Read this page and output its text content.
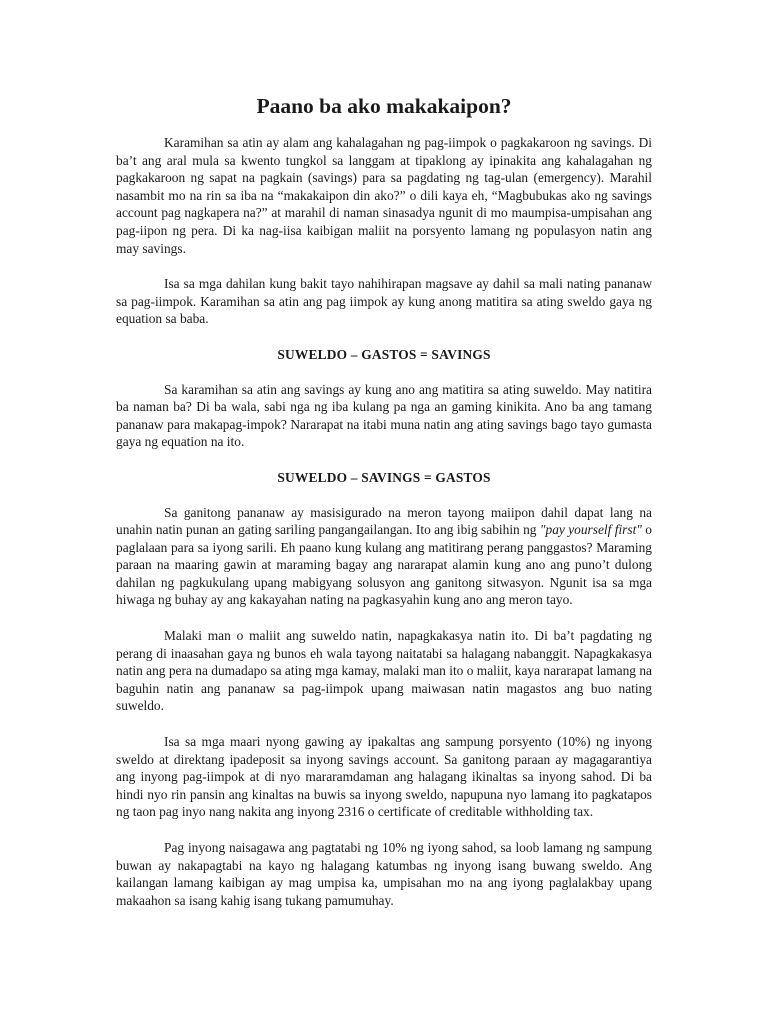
Paano ba ako makakaipon?

Karamihan sa atin ay alam ang kahalagahan ng pag-iimpok o pagkakaroon ng savings. Di ba’t ang aral mula sa kwento tungkol sa langgam at tipaklong ay ipinakita ang kahalagahan ng pagkakaroon ng sapat na pagkain (savings) para sa pagdating ng tag-ulan (emergency). Marahil nasambit mo na rin sa iba na “makakaipon din ako?” o dili kaya eh, “Magbubukas ako ng savings account pag nagkapera na?” at marahil di naman sinasadya ngunit di mo maumpisa-umpisahan ang pag-iipon ng pera. Di ka nag-iisa kaibigan maliit na porsyento lamang ng populasyon natin ang may savings.

Isa sa mga dahilan kung bakit tayo nahihirapan magsave ay dahil sa mali nating pananaw sa pag-iimpok. Karamihan sa atin ang pag iimpok ay kung anong matitira sa ating sweldo gaya ng equation sa baba.

SUWELDO – GASTOS = SAVINGS

Sa karamihan sa atin ang savings ay kung ano ang matitira sa ating suweldo. May natitira ba naman ba? Di ba wala, sabi nga ng iba kulang pa nga an gaming kinikita. Ano ba ang tamang pananaw para makapag-impok? Nararapat na itabi muna natin ang ating savings bago tayo gumasta gaya ng equation na ito.

SUWELDO – SAVINGS = GASTOS

Sa ganitong pananaw ay masisigurado na meron tayong maiipon dahil dapat lang na unahin natin punan an gating sariling pangangailangan. Ito ang ibig sabihin ng "pay yourself first" o paglalaan para sa iyong sarili. Eh paano kung kulang ang matitirang perang panggastos? Maraming paraan na maaring gawin at maraming bagay ang nararapat alamin kung ano ang puno’t dulong dahilan ng pagkukulang upang mabigyang solusyon ang ganitong sitwasyon. Ngunit isa sa mga hiwaga ng buhay ay ang kakayahan nating na pagkasyahin kung ano ang meron tayo.

Malaki man o maliit ang suweldo natin, napagkakasya natin ito. Di ba’t pagdating ng perang di inaasahan gaya ng bunos eh wala tayong naitatabi sa halagang nabanggit. Napagkakasya natin ang pera na dumadapo sa ating mga kamay, malaki man ito o maliit, kaya nararapat lamang na baguhin natin ang pananaw sa pag-iimpok upang maiwasan natin magastos ang buo nating suweldo.

Isa sa mga maari nyong gawing ay ipakaltas ang sampung porsyento (10%) ng inyong sweldo at direktang ipadeposit sa inyong savings account. Sa ganitong paraan ay magagarantiya ang inyong pag-iimpok at di nyo mararamdaman ang halagang ikinaltas sa inyong sahod. Di ba hindi nyo rin pansin ang kinaltas na buwis sa inyong sweldo, napupuna nyo lamang ito pagkatapos ng taon pag inyo nang nakita ang inyong 2316 o certificate of creditable withholding tax.

Pag inyong naisagawa ang pagtatabi ng 10% ng iyong sahod, sa loob lamang ng sampung buwan ay nakapagtabi na kayo ng halagang katumbas ng inyong isang buwang sweldo. Ang kailangan lamang kaibigan ay mag umpisa ka, umpisahan mo na ang iyong paglalakbay upang makaahon sa isang kahig isang tukang pamumuhay.
